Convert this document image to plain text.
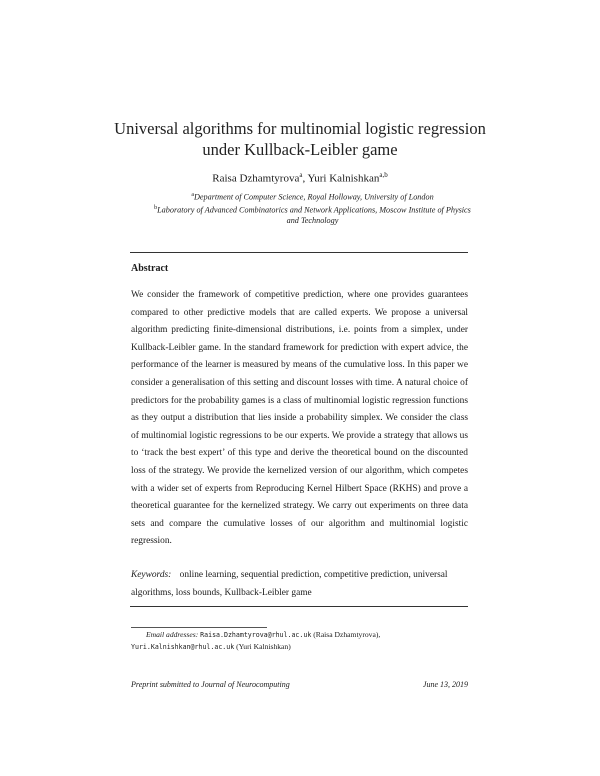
Universal algorithms for multinomial logistic regression
under Kullback-Leibler game
Raisa Dzhamtyrova$^a$, Yuri Kalnishkan$^{a,b}$
$^a$Department of Computer Science, Royal Holloway, University of London
$^b$Laboratory of Advanced Combinatorics and Network Applications, Moscow Institute of Physics and Technology
Abstract
We consider the framework of competitive prediction, where one provides guarantees compared to other predictive models that are called experts. We propose a universal algorithm predicting finite-dimensional distributions, i.e. points from a simplex, under Kullback-Leibler game. In the standard framework for prediction with expert advice, the performance of the learner is measured by means of the cumulative loss. In this paper we consider a generalisation of this setting and discount losses with time. A natural choice of predictors for the probability games is a class of multinomial logistic regression functions as they output a distribution that lies inside a probability simplex. We consider the class of multinomial logistic regressions to be our experts. We provide a strategy that allows us to ‘track the best expert’ of this type and derive the theoretical bound on the discounted loss of the strategy. We provide the kernelized version of our algorithm, which competes with a wider set of experts from Reproducing Kernel Hilbert Space (RKHS) and prove a theoretical guarantee for the kernelized strategy. We carry out experiments on three data sets and compare the cumulative losses of our algorithm and multinomial logistic regression.
Keywords: online learning, sequential prediction, competitive prediction, universal algorithms, loss bounds, Kullback-Leibler game
Email addresses: Raisa.Dzhamtyrova@rhul.ac.uk (Raisa Dzhamtyrova),
Yuri.Kalnishkan@rhul.ac.uk (Yuri Kalnishkan)
Preprint submitted to Journal of Neurocomputing	June 13, 2019
